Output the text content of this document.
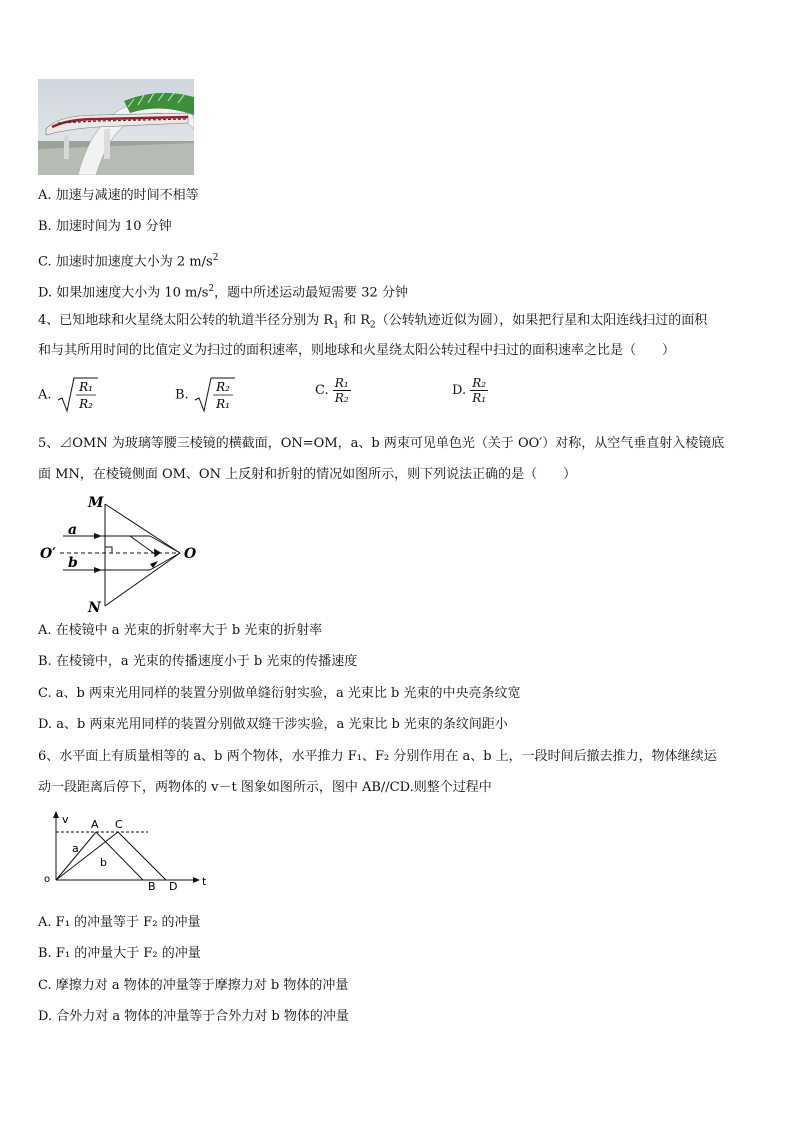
A. 加速与减速的时间不相等
B. 加速时间为 10 分钟
C. 加速时加速度大小为 2 $m/s^2$
D. 如果加速度大小为 10 $m/s^2$，题中所述运动最短需要 32 分钟
4、已知地球和火星绕太阳公转的轨道半径分别为 $R_1$ 和 $R_2$（公转轨迹近似为圆），如果把行星和太阳连线扫过的面积
和与其所用时间的比值定义为扫过的面积速率，则地球和火星绕太阳公转过程中扫过的面积速率之比是（　　）
A.
R₁
R₂
B.
R₂
R₁
C. $\frac{\text{R₁}}{\text{R₂}}$	D. $\frac{\text{R₂}}{\text{R₁}}$
5、⊿OMN 为玻璃等腰三棱镜的横截面，ON=OM，a、b 两束可见单色光（关于 OO′）对称，从空气垂直射入棱镜底
面 MN，在棱镜侧面 OM、ON 上反射和折射的情况如图所示，则下列说法正确的是（　　）
M
N
O
O′
a
b
A. 在棱镜中 a 光束的折射率大于 b 光束的折射率
B. 在棱镜中，a 光束的传播速度小于 b 光束的传播速度
C. a、b 两束光用同样的装置分别做单缝衍射实验，a 光束比 b 光束的中央亮条纹宽
D. a、b 两束光用同样的装置分别做双缝干涉实验，a 光束比 b 光束的条纹间距小
6、水平面上有质量相等的 a、b 两个物体，水平推力 F₁、F₂ 分别作用在 a、b 上，一段时间后撤去推力，物体继续运
动一段距离后停下，两物体的 v－t 图象如图所示，图中 AB//CD.则整个过程中
v
t
o
A C
B D
a
b
A. F₁ 的冲量等于 F₂ 的冲量
B. F₁ 的冲量大于 F₂ 的冲量
C. 摩擦力对 a 物体的冲量等于摩擦力对 b 物体的冲量
D. 合外力对 a 物体的冲量等于合外力对 b 物体的冲量
